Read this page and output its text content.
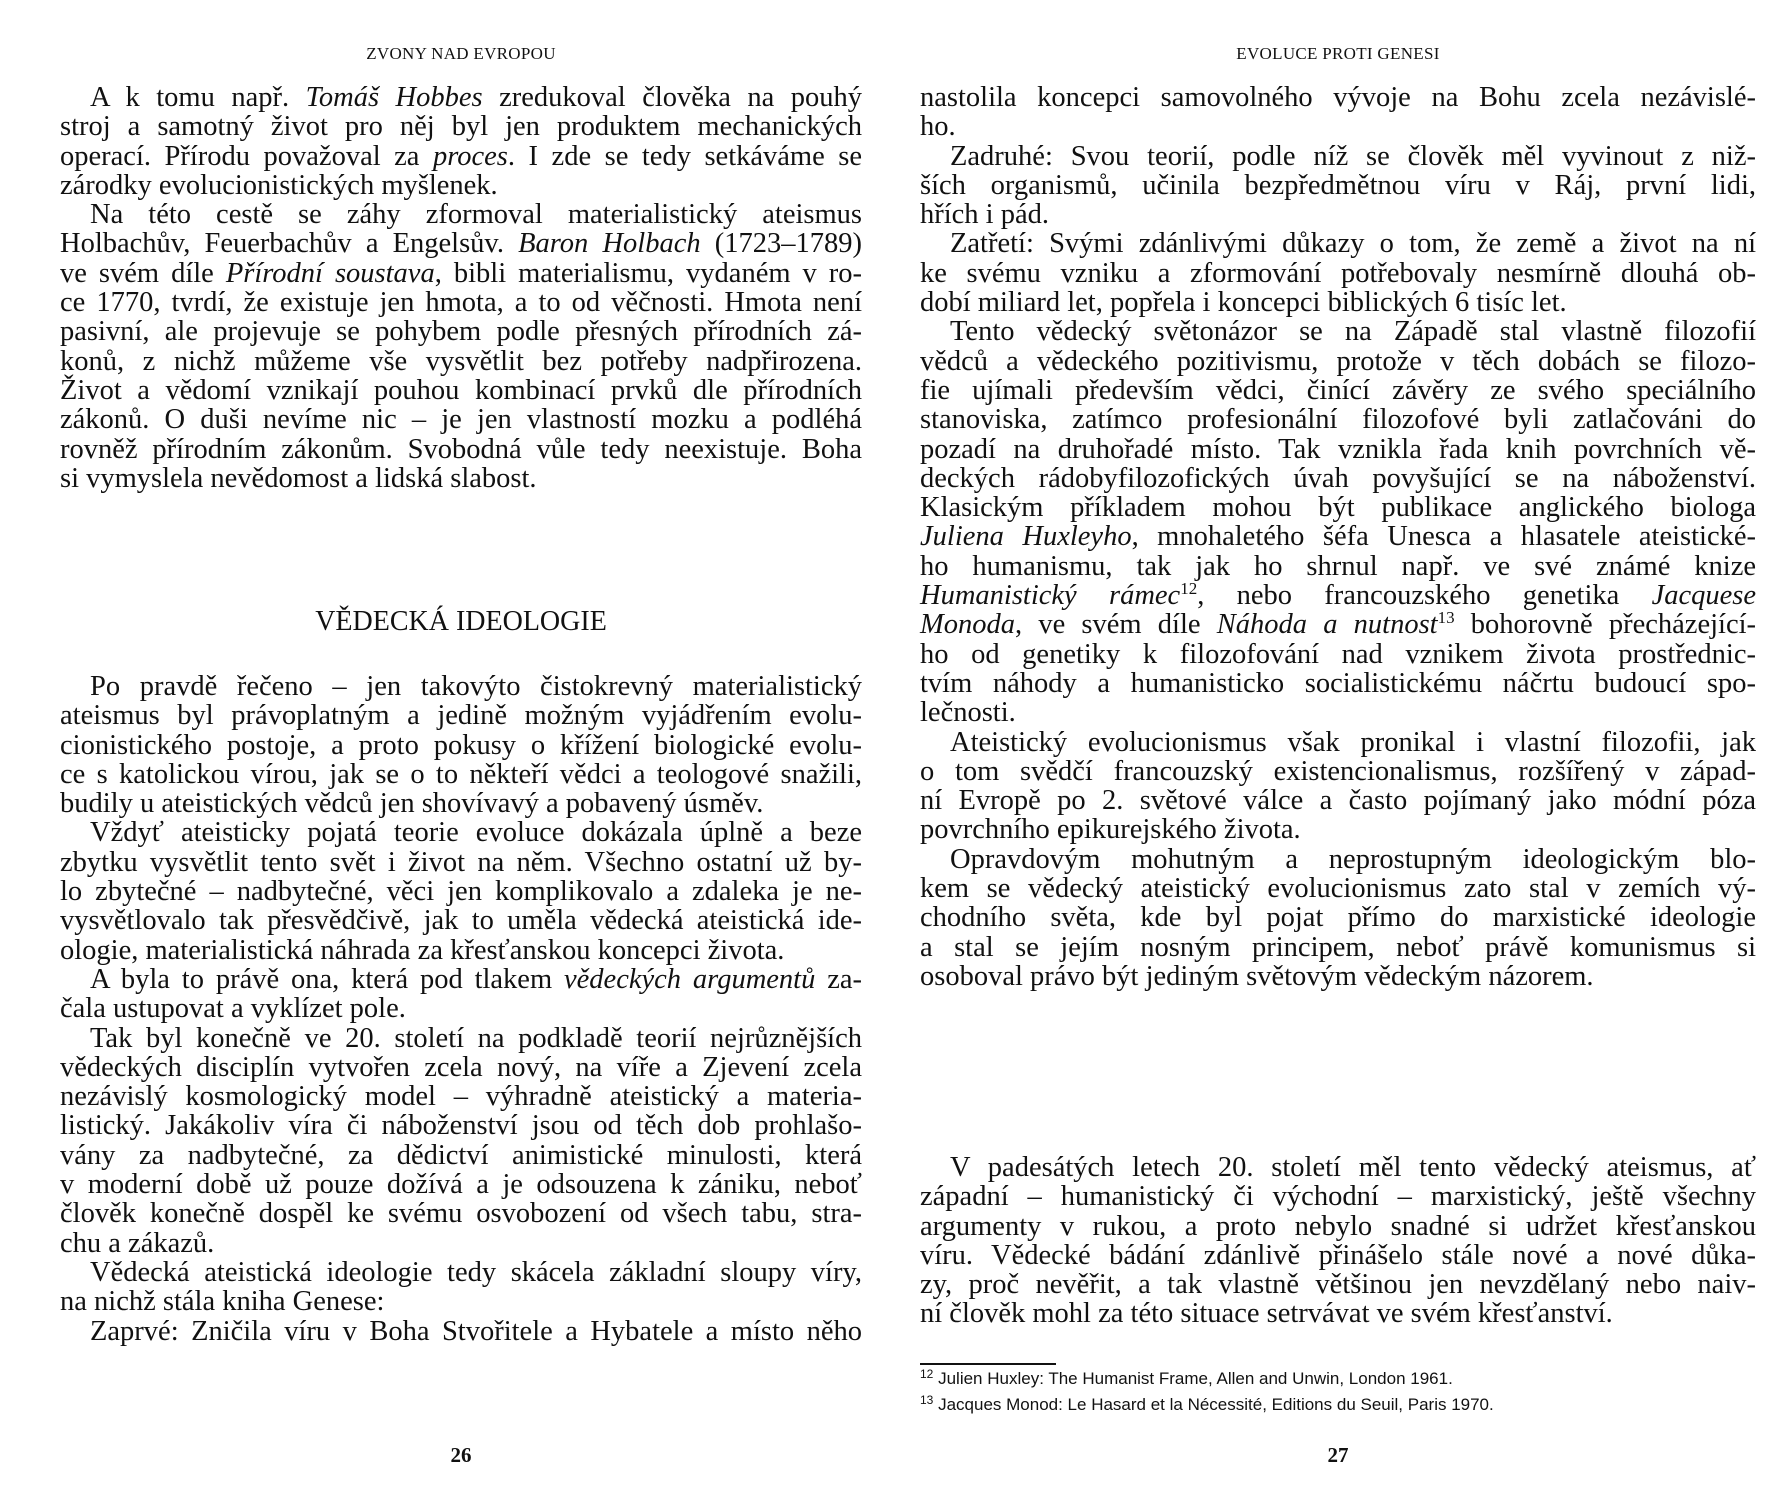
ZVONY NAD EVROPOU
A k tomu např. Tomáš Hobbes zredukoval člověka na pouhý
stroj a samotný život pro něj byl jen produktem mechanických
operací. Přírodu považoval za proces. I zde se tedy setkáváme se
zárodky evolucionistických myšlenek.
Na této cestě se záhy zformoval materialistický ateismus
Holbachův, Feuerbachův a Engelsův. Baron Holbach (1723–1789)
ve svém díle Přírodní soustava, bibli materialismu, vydaném v ro-
ce 1770, tvrdí, že existuje jen hmota, a to od věčnosti. Hmota není
pasivní, ale projevuje se pohybem podle přesných přírodních zá-
konů, z nichž můžeme vše vysvětlit bez potřeby nadpřirozena.
Život a vědomí vznikají pouhou kombinací prvků dle přírodních
zákonů. O duši nevíme nic – je jen vlastností mozku a podléhá
rovněž přírodním zákonům. Svobodná vůle tedy neexistuje. Boha
si vymyslela nevědomost a lidská slabost.
VĚDECKÁ IDEOLOGIE
Po pravdě řečeno – jen takovýto čistokrevný materialistický
ateismus byl právoplatným a jedině možným vyjádřením evolu-
cionistického postoje, a proto pokusy o křížení biologické evolu-
ce s katolickou vírou, jak se o to někteří vědci a teologové snažili,
budily u ateistických vědců jen shovívavý a pobavený úsměv.
Vždyť ateisticky pojatá teorie evoluce dokázala úplně a beze
zbytku vysvětlit tento svět i život na něm. Všechno ostatní už by-
lo zbytečné – nadbytečné, věci jen komplikovalo a zdaleka je ne-
vysvětlovalo tak přesvědčivě, jak to uměla vědecká ateistická ide-
ologie, materialistická náhrada za křesťanskou koncepci života.
A byla to právě ona, která pod tlakem vědeckých argumentů za-
čala ustupovat a vyklízet pole.
Tak byl konečně ve 20. století na podkladě teorií nejrůznějších
vědeckých disciplín vytvořen zcela nový, na víře a Zjevení zcela
nezávislý kosmologický model – výhradně ateistický a materia-
listický. Jakákoliv víra či náboženství jsou od těch dob prohlašo-
vány za nadbytečné, za dědictví animistické minulosti, která
v moderní době už pouze dožívá a je odsouzena k zániku, neboť
člověk konečně dospěl ke svému osvobození od všech tabu, stra-
chu a zákazů.
Vědecká ateistická ideologie tedy skácela základní sloupy víry,
na nichž stála kniha Genese:
Zaprvé: Zničila víru v Boha Stvořitele a Hybatele a místo něho
26
EVOLUCE PROTI GENESI
nastolila koncepci samovolného vývoje na Bohu zcela nezávislé-
ho.
Zadruhé: Svou teorií, podle níž se člověk měl vyvinout z niž-
ších organismů, učinila bezpředmětnou víru v Ráj, první lidi,
hřích i pád.
Zatřetí: Svými zdánlivými důkazy o tom, že země a život na ní
ke svému vzniku a zformování potřebovaly nesmírně dlouhá ob-
dobí miliard let, popřela i koncepci biblických 6 tisíc let.
Tento vědecký světonázor se na Západě stal vlastně filozofií
vědců a vědeckého pozitivismu, protože v těch dobách se filozo-
fie ujímali především vědci, činící závěry ze svého speciálního
stanoviska, zatímco profesionální filozofové byli zatlačováni do
pozadí na druhořadé místo. Tak vznikla řada knih povrchních vě-
deckých rádobyfilozofických úvah povyšující se na náboženství.
Klasickým příkladem mohou být publikace anglického biologa
Juliena Huxleyho, mnohaletého šéfa Unesca a hlasatele ateistické-
ho humanismu, tak jak ho shrnul např. ve své známé knize
Humanistický rámec$^{12}$, nebo francouzského genetika Jacquese
Monoda, ve svém díle Náhoda a nutnost$^{13}$ bohorovně přecházející-
ho od genetiky k filozofování nad vznikem života prostřednic-
tvím náhody a humanisticko socialistickému náčrtu budoucí spo-
lečnosti.
Ateistický evolucionismus však pronikal i vlastní filozofii, jak
o tom svědčí francouzský existencionalismus, rozšířený v západ-
ní Evropě po 2. světové válce a často pojímaný jako módní póza
povrchního epikurejského života.
Opravdovým mohutným a neprostupným ideologickým blo-
kem se vědecký ateistický evolucionismus zato stal v zemích vý-
chodního světa, kde byl pojat přímo do marxistické ideologie
a stal se jejím nosným principem, neboť právě komunismus si
osoboval právo být jediným světovým vědeckým názorem.
V padesátých letech 20. století měl tento vědecký ateismus, ať
západní – humanistický či východní – marxistický, ještě všechny
argumenty v rukou, a proto nebylo snadné si udržet křesťanskou
víru. Vědecké bádání zdánlivě přinášelo stále nové a nové důka-
zy, proč nevěřit, a tak vlastně většinou jen nevzdělaný nebo naiv-
ní člověk mohl za této situace setrvávat ve svém křesťanství.
$^{12}$ Julien Huxley: The Humanist Frame, Allen and Unwin, London 1961.
$^{13}$ Jacques Monod: Le Hasard et la Nécessité, Editions du Seuil, Paris 1970.
27
